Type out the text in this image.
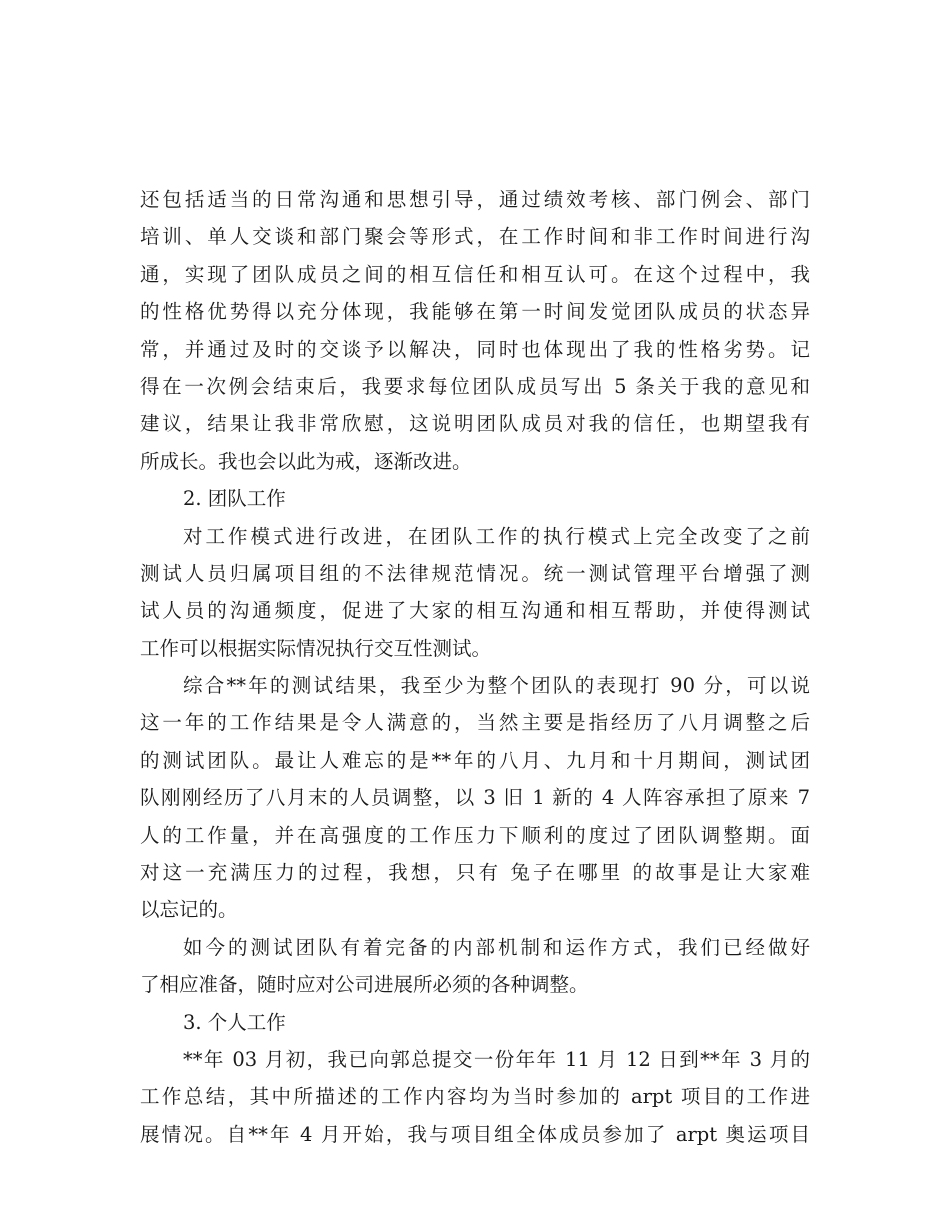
还包括适当的日常沟通和思想引导，通过绩效考核、部门例会、部门
培训、单人交谈和部门聚会等形式，在工作时间和非工作时间进行沟
通，实现了团队成员之间的相互信任和相互认可。在这个过程中，我
的性格优势得以充分体现，我能够在第一时间发觉团队成员的状态异
常，并通过及时的交谈予以解决，同时也体现出了我的性格劣势。记
得在一次例会结束后，我要求每位团队成员写出 5 条关于我的意见和
建议，结果让我非常欣慰，这说明团队成员对我的信任，也期望我有
所成长。我也会以此为戒，逐渐改进。
2. 团队工作
对工作模式进行改进，在团队工作的执行模式上完全改变了之前
测试人员归属项目组的不法律规范情况。统一测试管理平台增强了测
试人员的沟通频度，促进了大家的相互沟通和相互帮助，并使得测试
工作可以根据实际情况执行交互性测试。
综合**年的测试结果，我至少为整个团队的表现打 90 分，可以说
这一年的工作结果是令人满意的，当然主要是指经历了八月调整之后
的测试团队。最让人难忘的是**年的八月、九月和十月期间，测试团
队刚刚经历了八月末的人员调整，以 3 旧 1 新的 4 人阵容承担了原来 7
人的工作量，并在高强度的工作压力下顺利的度过了团队调整期。面
对这一充满压力的过程，我想，只有 兔子在哪里 的故事是让大家难
以忘记的。
如今的测试团队有着完备的内部机制和运作方式，我们已经做好
了相应准备，随时应对公司进展所必须的各种调整。
3. 个人工作
**年 03 月初，我已向郭总提交一份年年 11 月 12 日到**年 3 月的
工作总结，其中所描述的工作内容均为当时参加的 arpt 项目的工作进
展情况。自**年 4 月开始，我与项目组全体成员参加了 arpt 奥运项目
